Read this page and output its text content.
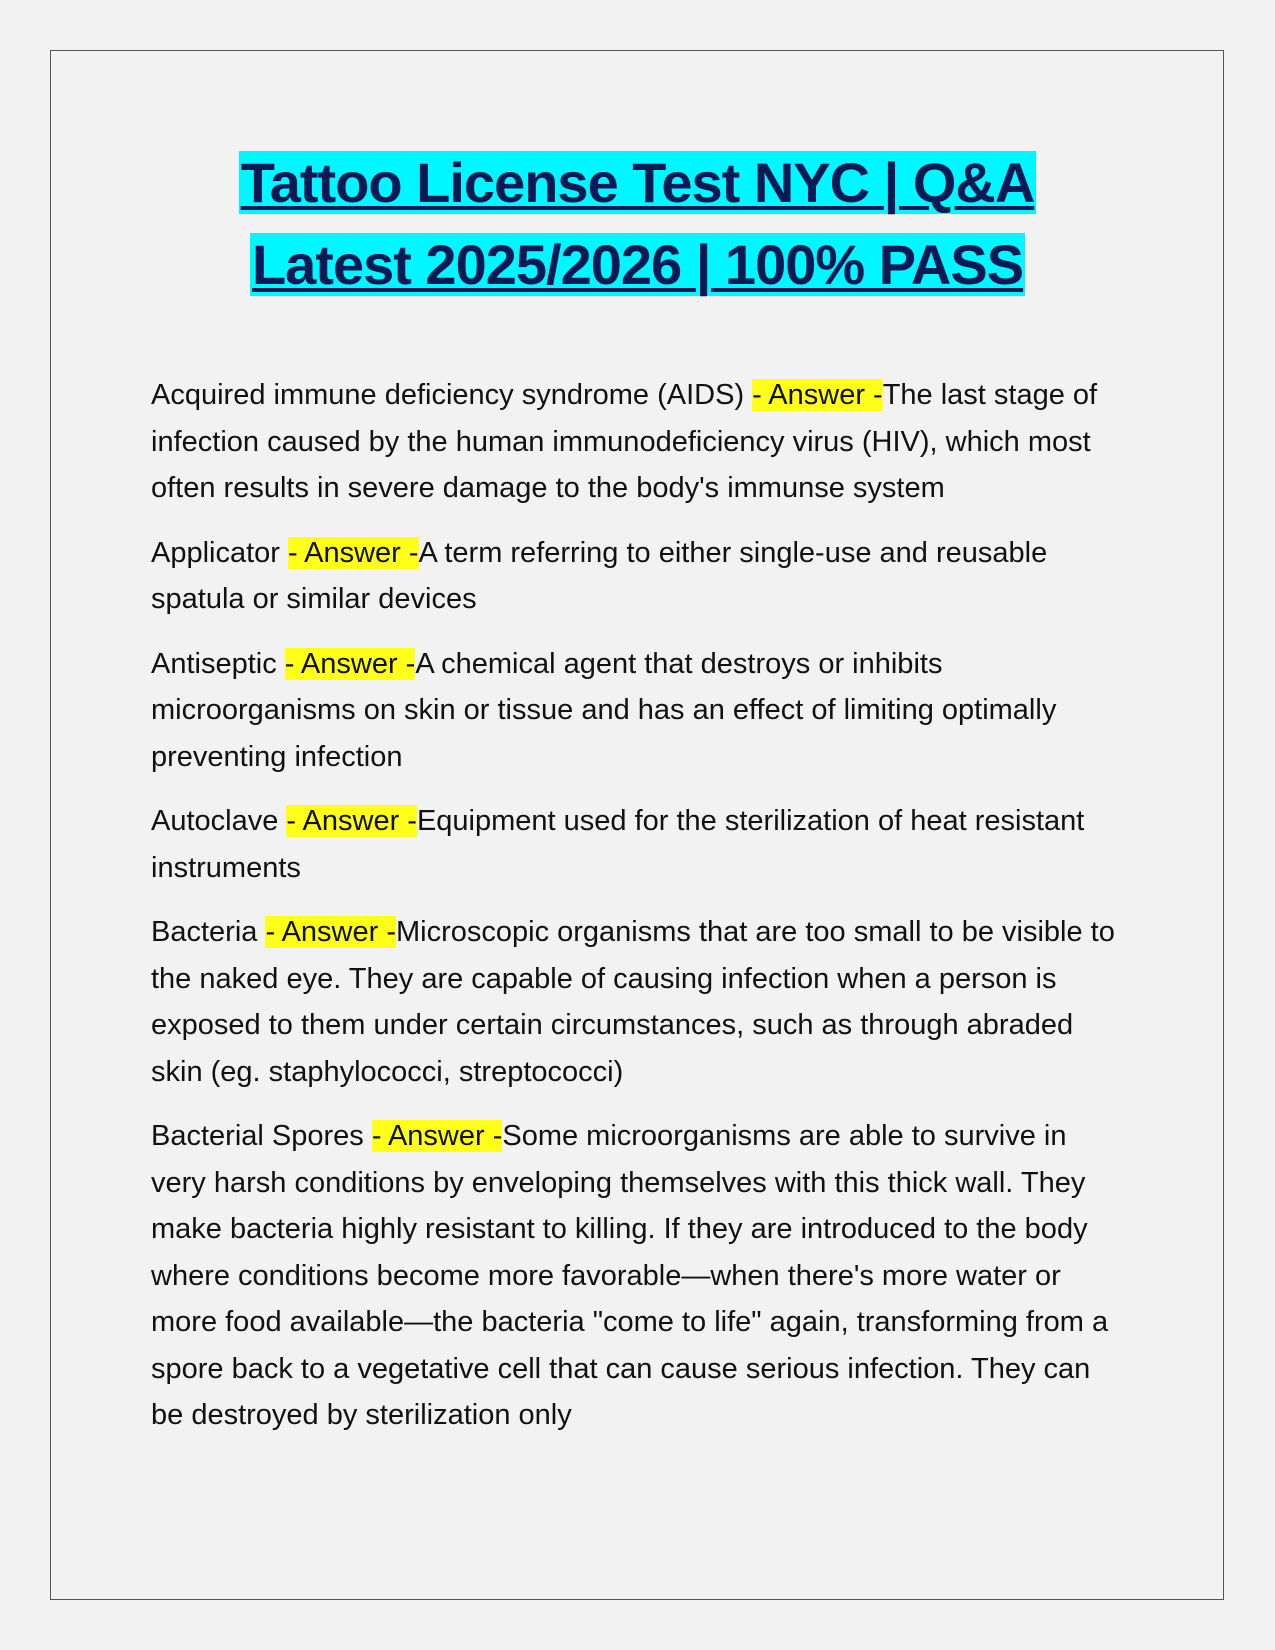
Tattoo License Test NYC | Q&A
Latest 2025/2026 | 100% PASS

Acquired immune deficiency syndrome (AIDS) - Answer -The last stage of infection caused by the human immunodeficiency virus (HIV), which most often results in severe damage to the body's immunse system

Applicator - Answer -A term referring to either single-use and reusable spatula or similar devices

Antiseptic - Answer -A chemical agent that destroys or inhibits microorganisms on skin or tissue and has an effect of limiting optimally preventing infection

Autoclave - Answer -Equipment used for the sterilization of heat resistant instruments

Bacteria - Answer -Microscopic organisms that are too small to be visible to the naked eye. They are capable of causing infection when a person is exposed to them under certain circumstances, such as through abraded skin (eg. staphylococci, streptococci)

Bacterial Spores - Answer -Some microorganisms are able to survive in very harsh conditions by enveloping themselves with this thick wall. They make bacteria highly resistant to killing. If they are introduced to the body where conditions become more favorable—when there's more water or more food available—the bacteria "come to life" again, transforming from a spore back to a vegetative cell that can cause serious infection. They can be destroyed by sterilization only
